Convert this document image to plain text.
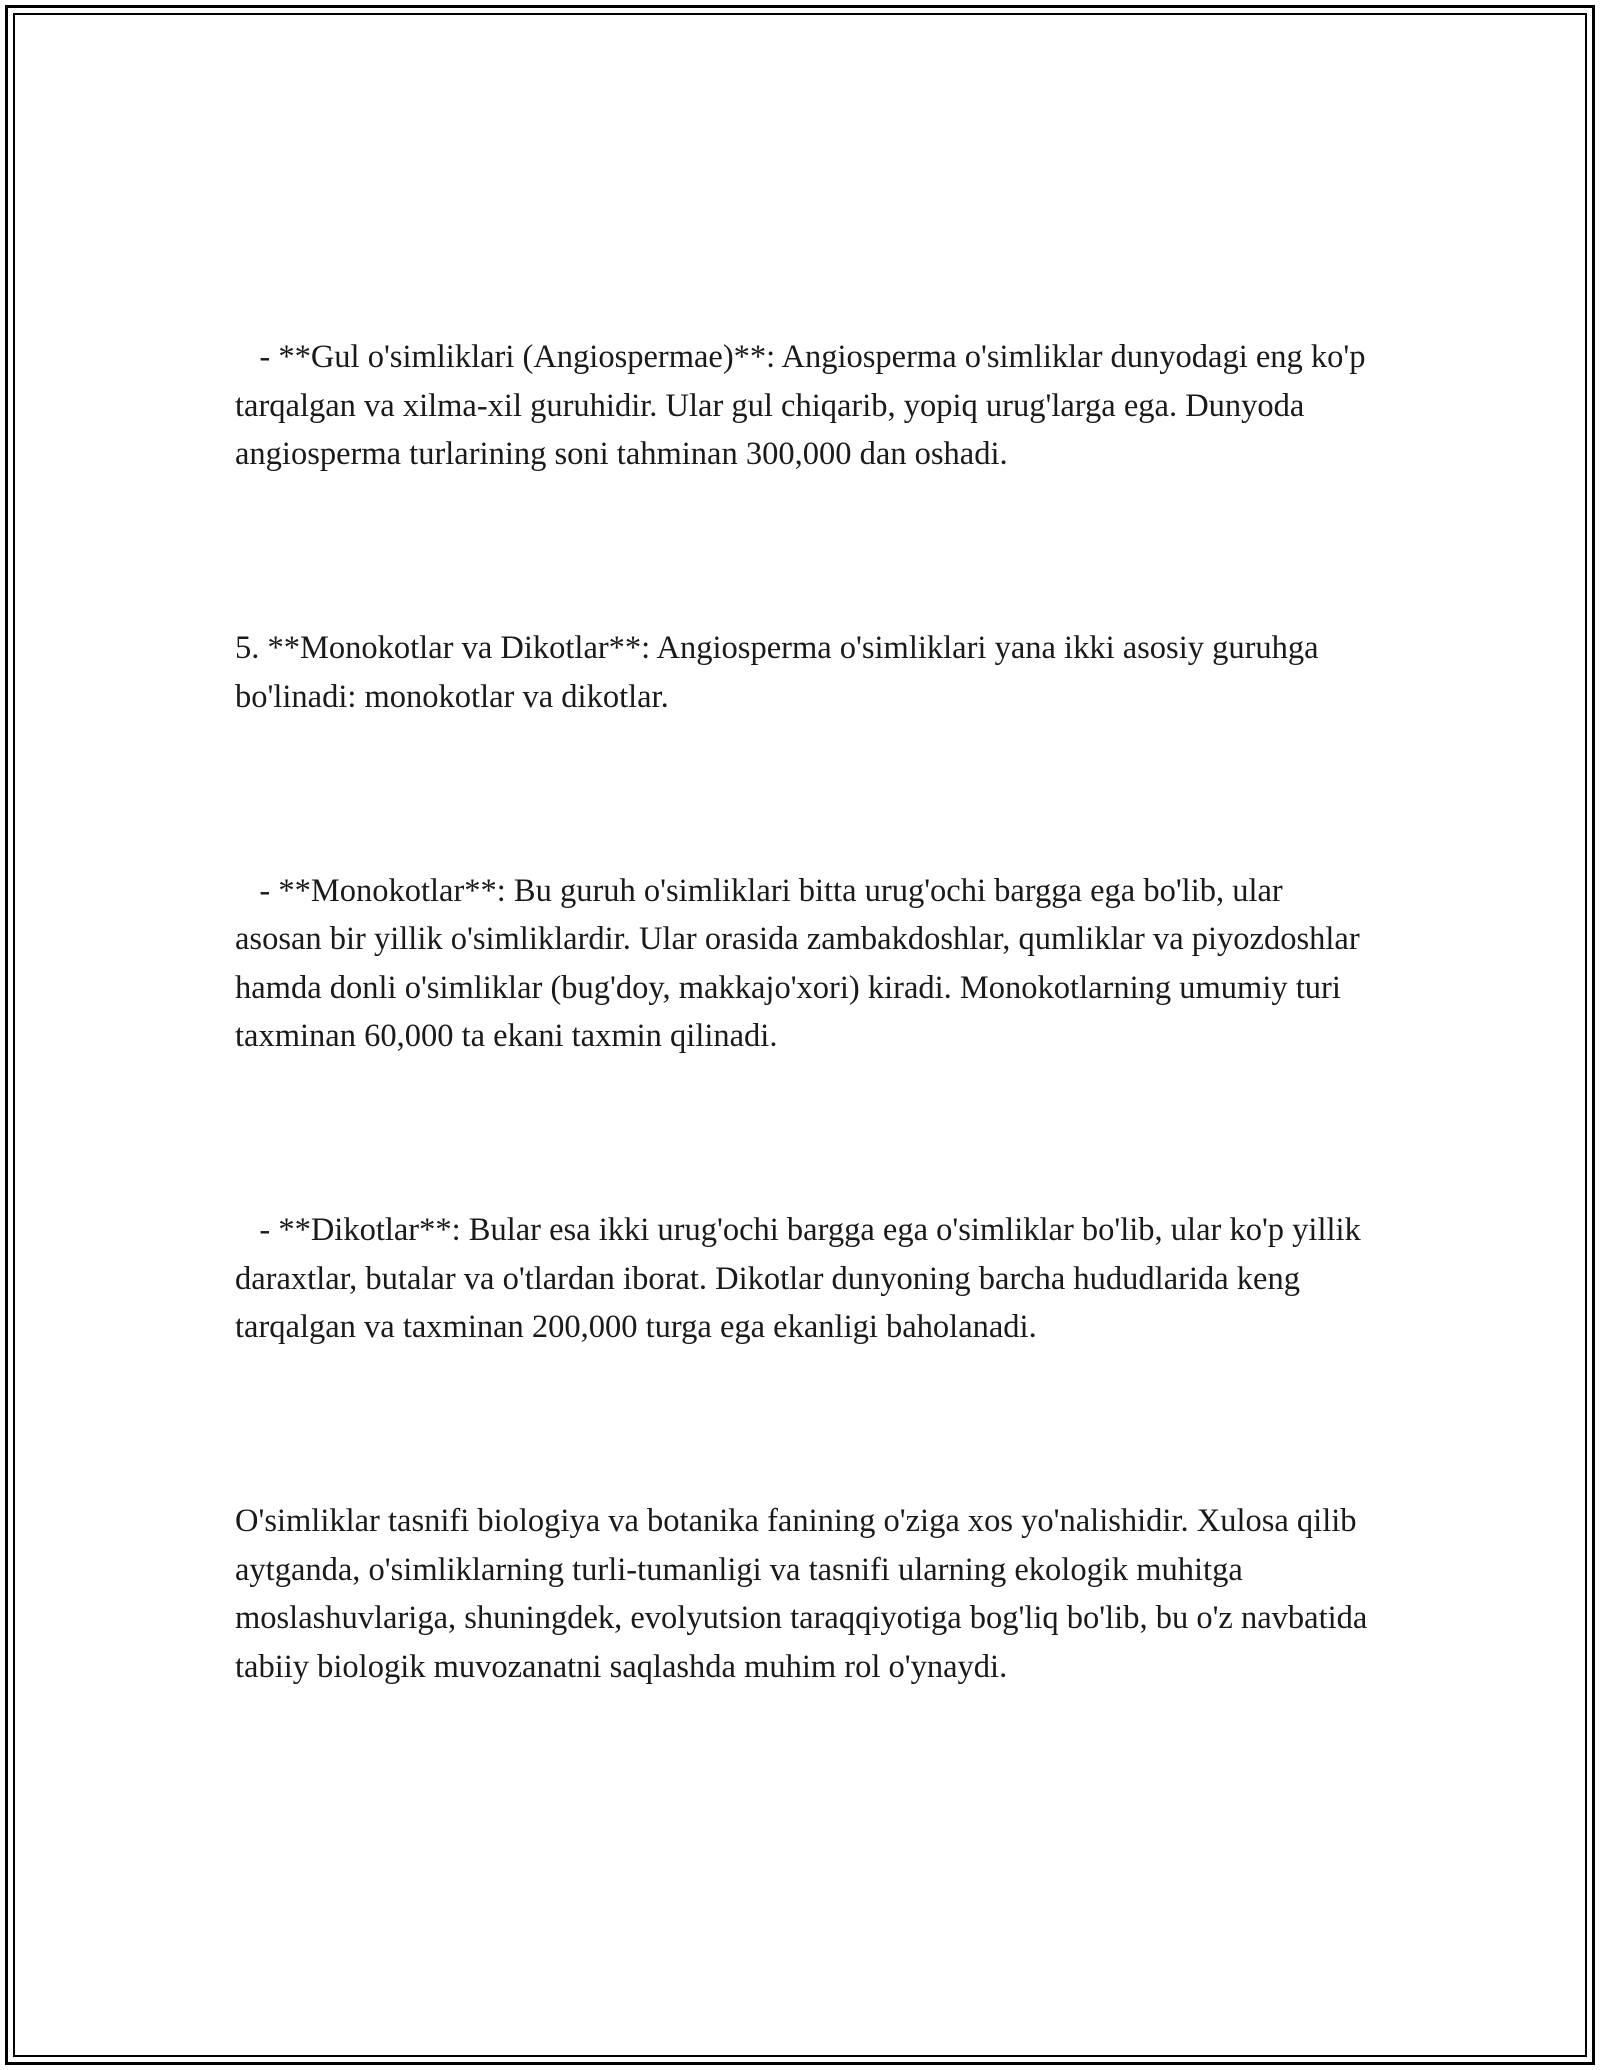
- **Gul o'simliklari (Angiospermae)**: Angiosperma o'simliklar dunyodagi eng ko'p tarqalgan va xilma-xil guruhidir. Ular gul chiqarib, yopiq urug'larga ega. Dunyoda angiosperma turlarining soni tahminan 300,000 dan oshadi.

5. **Monokotlar va Dikotlar**: Angiosperma o'simliklari yana ikki asosiy guruhga bo'linadi: monokotlar va dikotlar.

- **Monokotlar**: Bu guruh o'simliklari bitta urug'ochi bargga ega bo'lib, ular asosan bir yillik o'simliklardir. Ular orasida zambakdoshlar, qumliklar va piyozdoshlar hamda donli o'simliklar (bug'doy, makkajo'xori) kiradi. Monokotlarning umumiy turi taxminan 60,000 ta ekani taxmin qilinadi.

- **Dikotlar**: Bular esa ikki urug'ochi bargga ega o'simliklar bo'lib, ular ko'p yillik daraxtlar, butalar va o'tlardan iborat. Dikotlar dunyoning barcha hududlarida keng tarqalgan va taxminan 200,000 turga ega ekanligi baholanadi.

O'simliklar tasnifi biologiya va botanika fanining o'ziga xos yo'nalishidir. Xulosa qilib aytganda, o'simliklarning turli-tumanligi va tasnifi ularning ekologik muhitga moslashuvlariga, shuningdek, evolyutsion taraqqiyotiga bog'liq bo'lib, bu o'z navbatida tabiiy biologik muvozanatni saqlashda muhim rol o'ynaydi.
